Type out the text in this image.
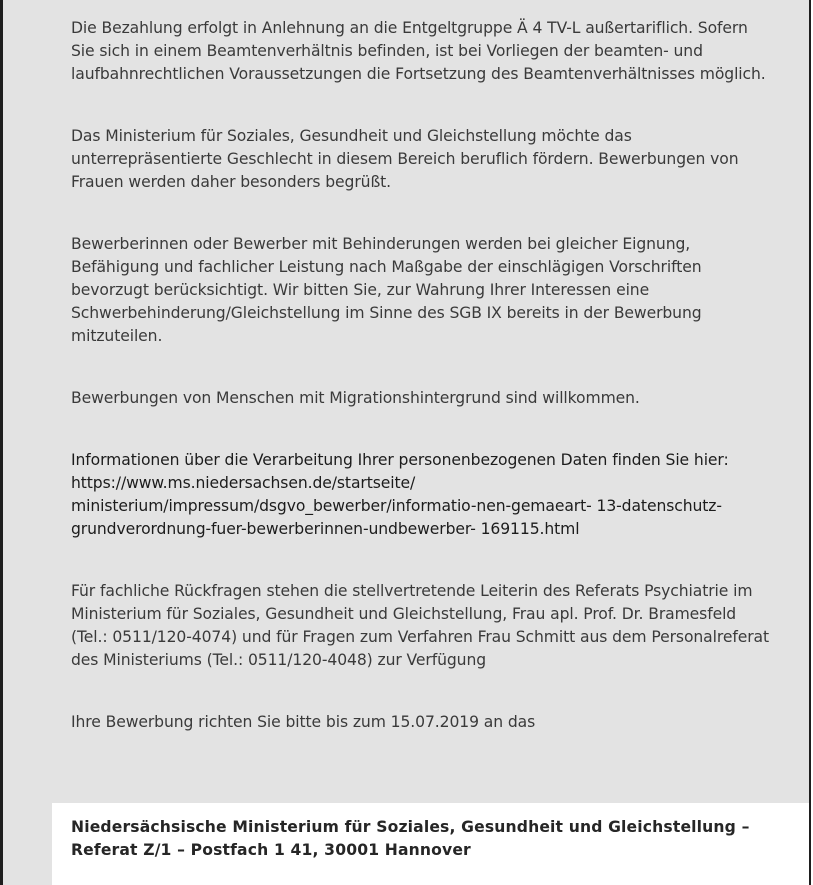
Die Bezahlung erfolgt in Anlehnung an die Entgeltgruppe Ä 4 TV-L außertariflich. Sofern Sie sich in einem Beamtenverhältnis befinden, ist bei Vorliegen der beamten- und laufbahnrechtlichen Voraussetzungen die Fortsetzung des Beamtenverhältnisses möglich.

Das Ministerium für Soziales, Gesundheit und Gleichstellung möchte das unterrepräsentierte Geschlecht in diesem Bereich beruflich fördern. Bewerbungen von Frauen werden daher besonders begrüßt.

Bewerberinnen oder Bewerber mit Behinderungen werden bei gleicher Eignung, Befähigung und fachlicher Leistung nach Maßgabe der einschlägigen Vorschriften bevorzugt berücksichtigt. Wir bitten Sie, zur Wahrung Ihrer Interessen eine Schwerbehinderung/Gleichstellung im Sinne des SGB IX bereits in der Bewerbung mitzuteilen.

Bewerbungen von Menschen mit Migrationshintergrund sind willkommen.

Informationen über die Verarbeitung Ihrer personenbezogenen Daten finden Sie hier:
https://www.ms.niedersachsen.de/startseite/
ministerium/impressum/dsgvo_bewerber/informatio-nen-gemaeart- 13-datenschutz-
grundverordnung-fuer-bewerberinnen-undbewerber- 169115.html

Für fachliche Rückfragen stehen die stellvertretende Leiterin des Referats Psychiatrie im Ministerium für Soziales, Gesundheit und Gleichstellung, Frau apl. Prof. Dr. Bramesfeld (Tel.: 0511/120-4074) und für Fragen zum Verfahren Frau Schmitt aus dem Personalreferat des Ministeriums (Tel.: 0511/120-4048) zur Verfügung

Ihre Bewerbung richten Sie bitte bis zum 15.07.2019 an das

Niedersächsische Ministerium für Soziales, Gesundheit und Gleichstellung –
Referat Z/1 – Postfach 1 41, 30001 Hannover
